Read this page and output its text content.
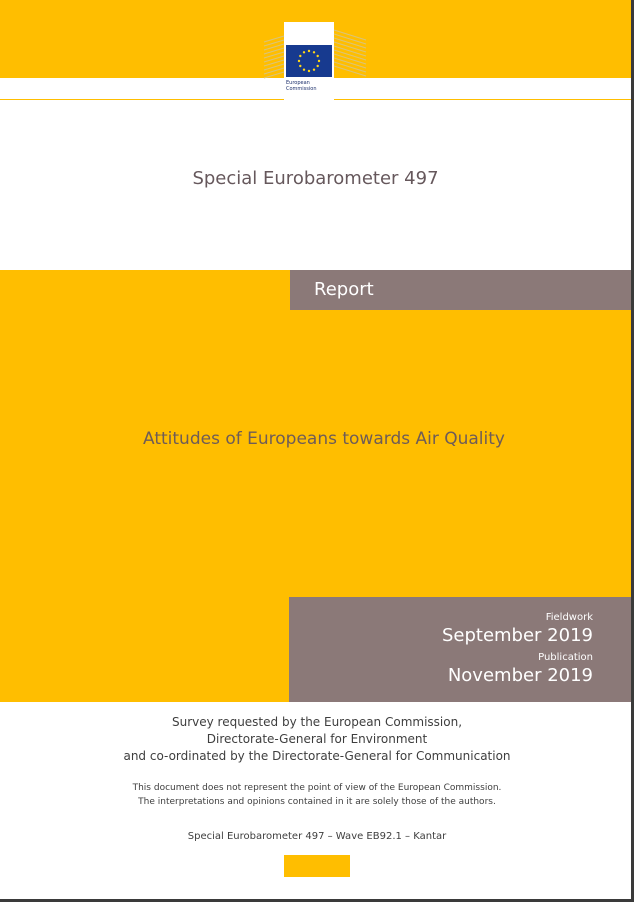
European Commission
Special Eurobarometer 497
Report
Attitudes of Europeans towards Air Quality
Fieldwork
September 2019
Publication
November 2019
Survey requested by the European Commission,
Directorate-General for Environment
and co-ordinated by the Directorate-General for Communication
This document does not represent the point of view of the European Commission.
The interpretations and opinions contained in it are solely those of the authors.
Special Eurobarometer 497 – Wave EB92.1 – Kantar
